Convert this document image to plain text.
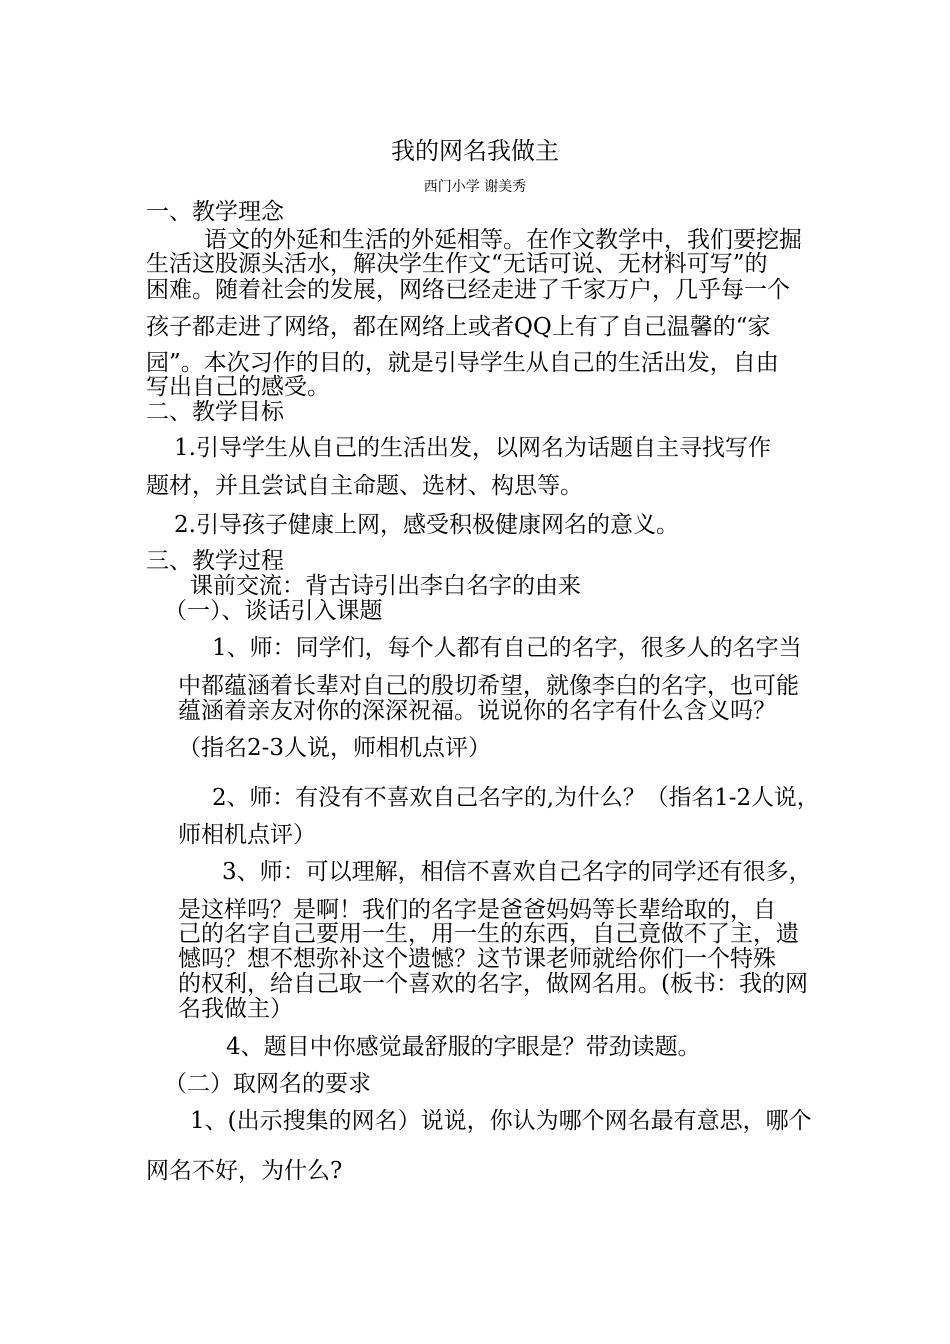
我的网名我做主
西门小学 谢美秀

一、教学理念

语文的外延和生活的外延相等。在作文教学中，我们要挖掘

生活这股源头活水，解决学生作文“无话可说、无材料可写”的

困难。随着社会的发展，网络已经走进了千家万户，几乎每一个

孩子都走进了网络，都在网络上或者QQ上有了自己温馨的“家

园”。本次习作的目的，就是引导学生从自己的生活出发，自由

写出自己的感受。

二、教学目标

1.引导学生从自己的生活出发，以网名为话题自主寻找写作

题材，并且尝试自主命题、选材、构思等。

2.引导孩子健康上网，感受积极健康网名的意义。

三、教学过程

课前交流：背古诗引出李白名字的由来

（一）、谈话引入课题

1、师：同学们，每个人都有自己的名字，很多人的名字当

中都蕴涵着长辈对自己的殷切希望，就像李白的名字，也可能

蕴涵着亲友对你的深深祝福。说说你的名字有什么含义吗？

（指名2-3人说，师相机点评）

2、师：有没有不喜欢自己名字的,为什么？（指名1-2人说，

师相机点评）

3、师：可以理解，相信不喜欢自己名字的同学还有很多，

是这样吗？是啊！我们的名字是爸爸妈妈等长辈给取的，自

己的名字自己要用一生，用一生的东西，自己竟做不了主，遗

憾吗？想不想弥补这个遗憾？这节课老师就给你们一个特殊

的权利，给自己取一个喜欢的名字，做网名用。(板书：我的网

名我做主）

4、题目中你感觉最舒服的字眼是？带劲读题。

（二）取网名的要求

1、(出示搜集的网名）说说，你认为哪个网名最有意思，哪个

网名不好，为什么?
